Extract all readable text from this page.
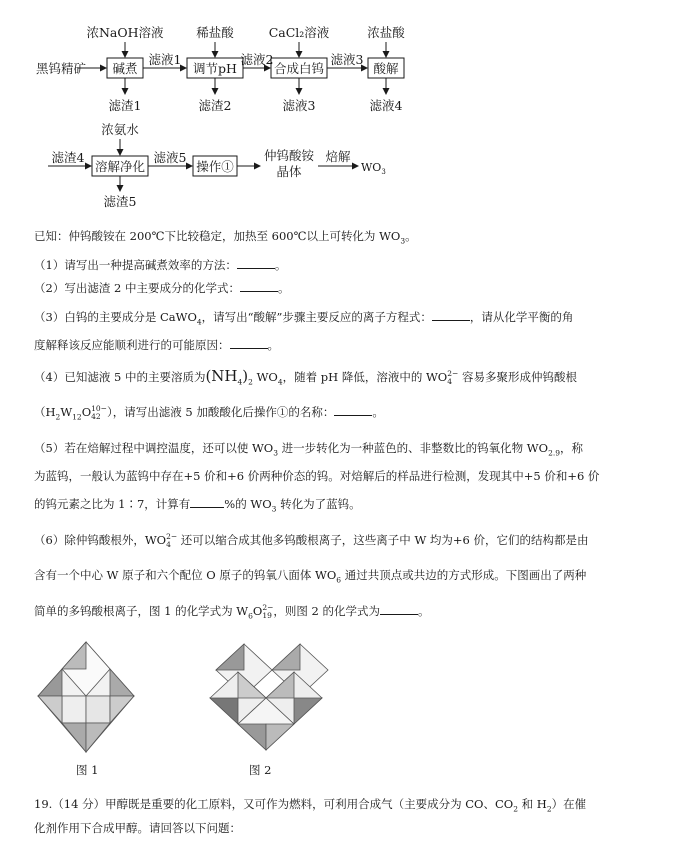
浓NaOH溶液	稀盐酸	CaCl₂溶液	浓盐酸
黑钨精矿 碱煮	调节pH	合成白钨	酸解
滤液1	滤液2	滤液3
滤渣1	滤渣2	滤液3	滤液4
浓氨水
滤渣4
溶解净化
滤液5
操作①
仲钨酸铵
晶体
焙解
$WO_3$
滤渣5
已知：仲钨酸铵在 200℃下比较稳定，加热至 600℃以上可转化为 $WO_3$。
（1）请写出一种提高碱煮效率的方法：	。
（2）写出滤渣 2 中主要成分的化学式：	。
（3）白钨的主要成分是 CaWO$_4$，请写出“酸解”步骤主要反应的离子方程式：	，请从化学平衡的角
度解释该反应能顺利进行的可能原因：	。
（4）已知滤液 5 中的主要溶质为$(NH_4)_2$ $WO_4$，随着 pH 降低，溶液中的 WO 2−
4 容易多聚形成仲钨酸根
（$H_2W_{12}O$ 10−
42 ），请写出滤液 5 加酸酸化后操作①的名称：	。
（5）若在焙解过程中调控温度，还可以使 $WO_3$ 进一步转化为一种蓝色的、非整数比的钨氧化物 $WO_{2.9}$，称
为蓝钨，一般认为蓝钨中存在+5 价和+6 价两种价态的钨。对焙解后的样品进行检测，发现其中+5 价和+6 价
的钨元素之比为 1∶7，计算有	%的 $WO_3$ 转化为了蓝钨。
（6）除仲钨酸根外，WO 2−
4 还可以缩合成其他多钨酸根离子，这些离子中 W 均为+6 价，它们的结构都是由
含有一个中心 W 原子和六个配位 O 原子的钨氧八面体 $WO_6$ 通过共顶点或共边的方式形成。下图画出了两种
简单的多钨酸根离子，图 1 的化学式为 $W_6O$ 2−
19 ，则图 2 的化学式为	。
图 1	图 2
19.（14 分）甲醇既是重要的化工原料，又可作为燃料，可利用合成气（主要成分为 CO、$CO_2$ 和 $H_2$）在催
化剂作用下合成甲醇。请回答以下问题：
